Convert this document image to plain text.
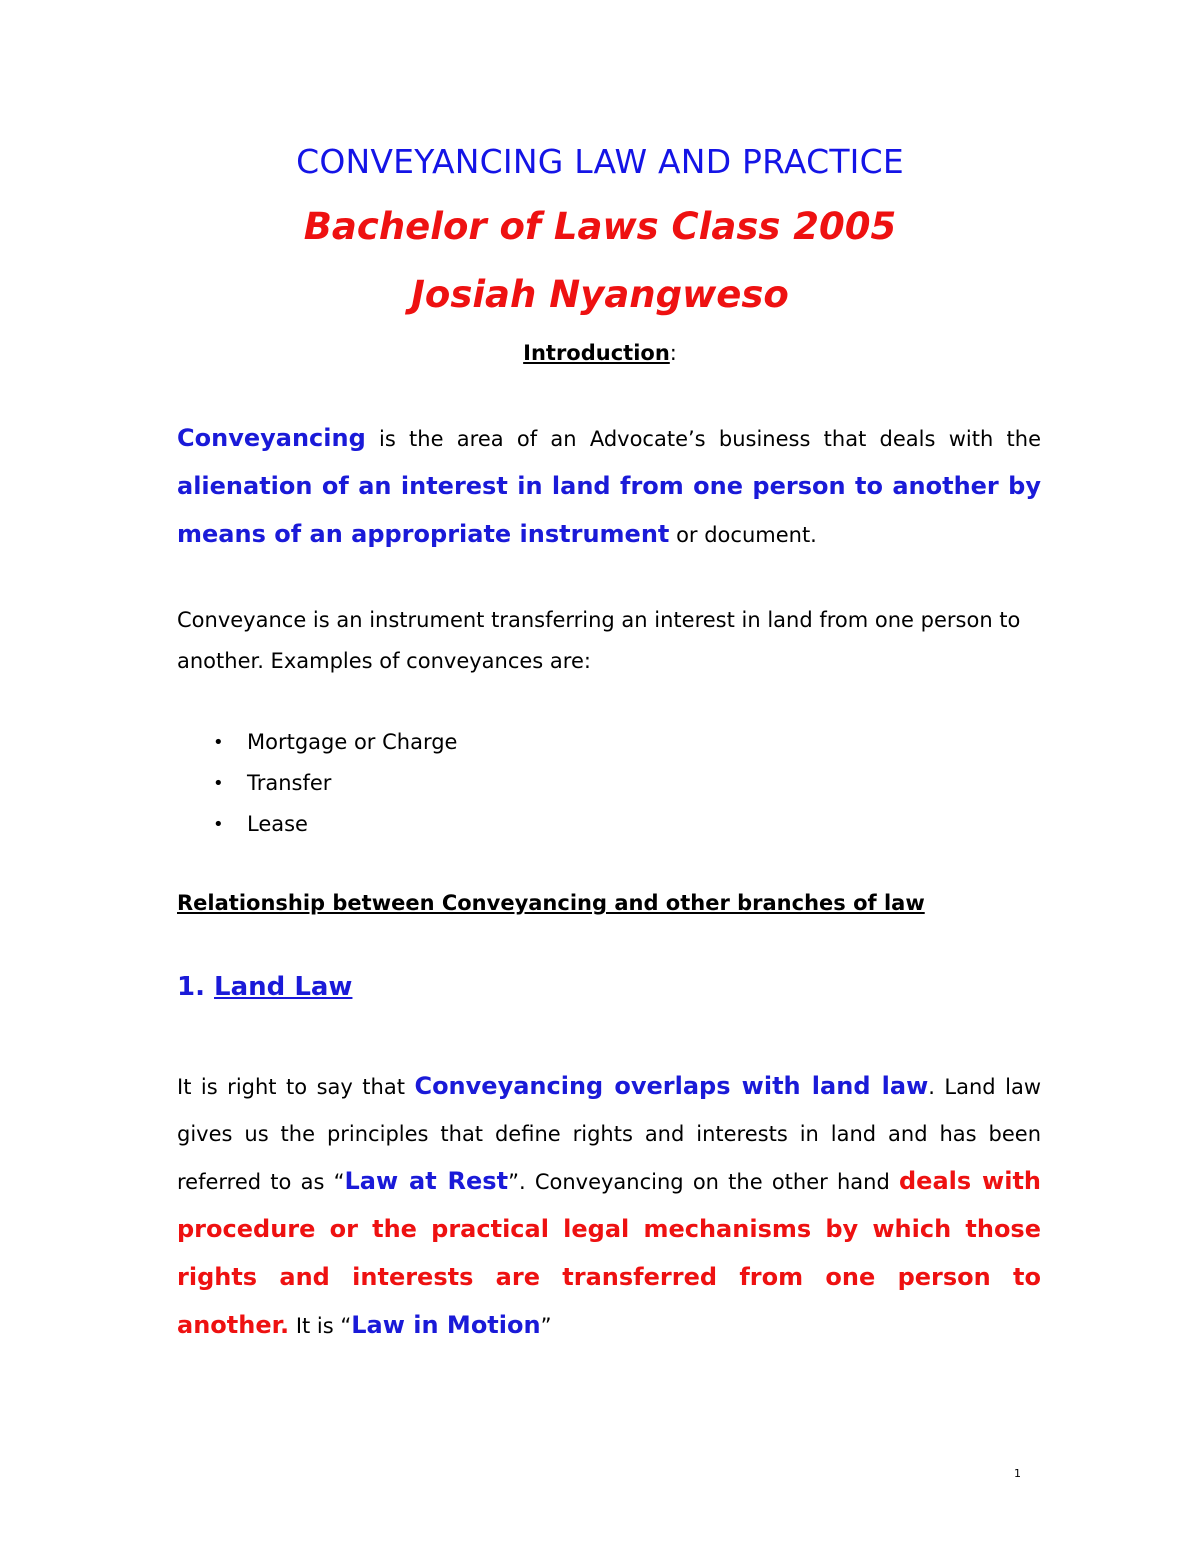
CONVEYANCING LAW AND PRACTICE
Bachelor of Laws Class 2005
Josiah Nyangweso
Introduction:
Conveyancing is the area of an Advocate’s business that deals with the alienation of an interest in land from one person to another by means of an appropriate instrument or document.
Conveyance is an instrument transferring an interest in land from one person to another. Examples of conveyances are:
• Mortgage or Charge
• Transfer
• Lease
Relationship between Conveyancing and other branches of law
1. Land Law
It is right to say that Conveyancing overlaps with land law. Land law gives us the principles that define rights and interests in land and has been referred to as “Law at Rest”. Conveyancing on the other hand deals with procedure or the practical legal mechanisms by which those rights and interests are transferred from one person to another. It is “Law in Motion”
1
